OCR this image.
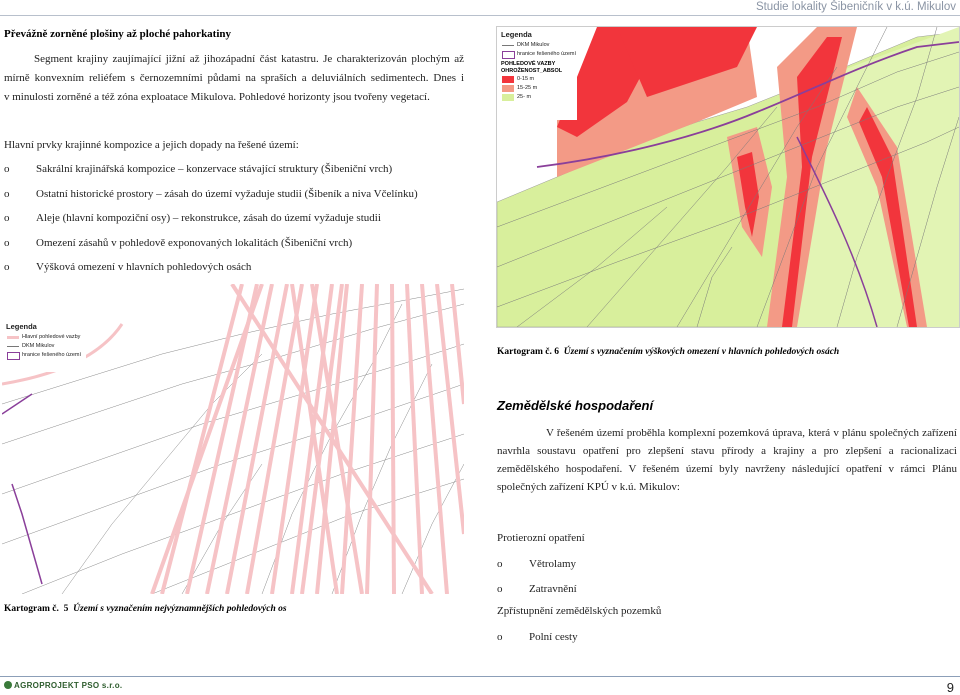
Studie lokality Šibeničník v k.ú. Mikulov
Převážně zorněné plošiny až ploché pahorkatiny
Segment krajiny zaujímající jižní až jihozápadní část katastru. Je charakterizován plochým až
mírně konvexním reliéfem s černozemními půdami na spraších a deluviálních sedimentech. Dnes i
v minulosti zorněné a též zóna exploatace Mikulova. Pohledové horizonty jsou tvořeny vegetací.
Hlavní prvky krajinné kompozice a jejich dopady na řešené území:
o Sakrální krajinářská kompozice – konzervace stávající struktury (Šibeniční vrch)
o Ostatní historické prostory – zásah do území vyžaduje studii (Šibeník a niva Včelínku)
o Aleje (hlavní kompoziční osy) – rekonstrukce, zásah do území vyžaduje studii
o Omezení zásahů v pohledově exponovaných lokalitách (Šibeniční vrch)
o Výšková omezení v hlavních pohledových osách
Legenda
DKM Mikulov
hranice řešeného území
POHLEDOVÉ VAZBY OHROŽENOST_ABSOL
0-15 m
15-25 m
25- m
Kartogram č. 6 Území s vyznačením výškových omezení v hlavních pohledových osách
Legenda
Hlavní pohledové vazby
DKM Mikulov
hranice řešeného území
Kartogram č. 5 Území s vyznačením nejvýznamnějších pohledových os
Zemědělské hospodaření
V řešeném území proběhla komplexní pozemková úprava, která v plánu společných zařízení
navrhla soustavu opatření pro zlepšení stavu přírody a krajiny a pro zlepšení a racionalizaci
zemědělského hospodaření. V řešeném území byly navrženy následující opatření v rámci Plánu
společných zařízení KPÚ v k.ú. Mikulov:
Protierozní opatření
o Větrolamy
o Zatravnění
Zpřístupnění zemědělských pozemků
o Polní cesty
AGROPROJEKT PSO s.r.o.	9
